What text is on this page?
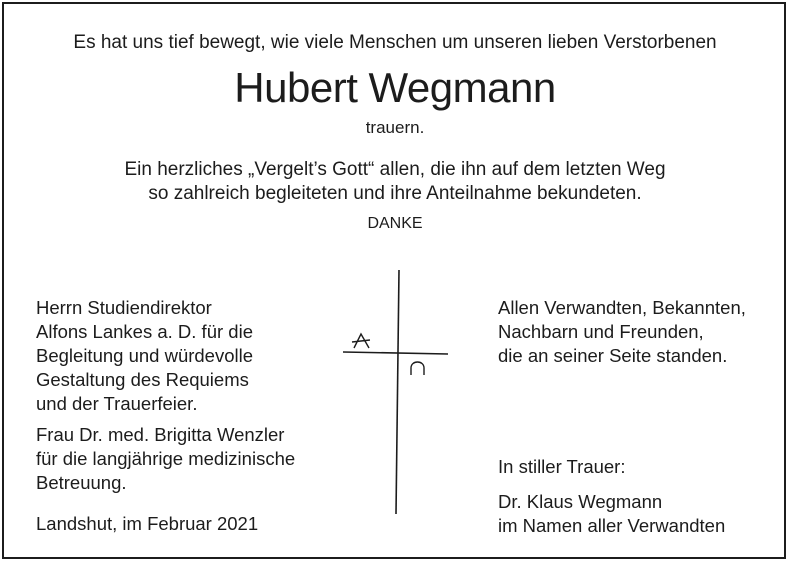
Es hat uns tief bewegt, wie viele Menschen um unseren lieben Verstorbenen
Hubert Wegmann
trauern.
Ein herzliches „Vergelt’s Gott“ allen, die ihn auf dem letzten Weg
so zahlreich begleiteten und ihre Anteilnahme bekundeten.
DANKE

Herrn Studiendirektor

Alfons Lankes a. D. für die

Begleitung und würdevolle

Gestaltung des Requiems

und der Trauerfeier.

Frau Dr. med. Brigitta Wenzler

für die langjährige medizinische

Betreuung.

Landshut, im Februar 2021

Allen Verwandten, Bekannten,

Nachbarn und Freunden,

die an seiner Seite standen.

In stiller Trauer:

Dr. Klaus Wegmann

im Namen aller Verwandten
